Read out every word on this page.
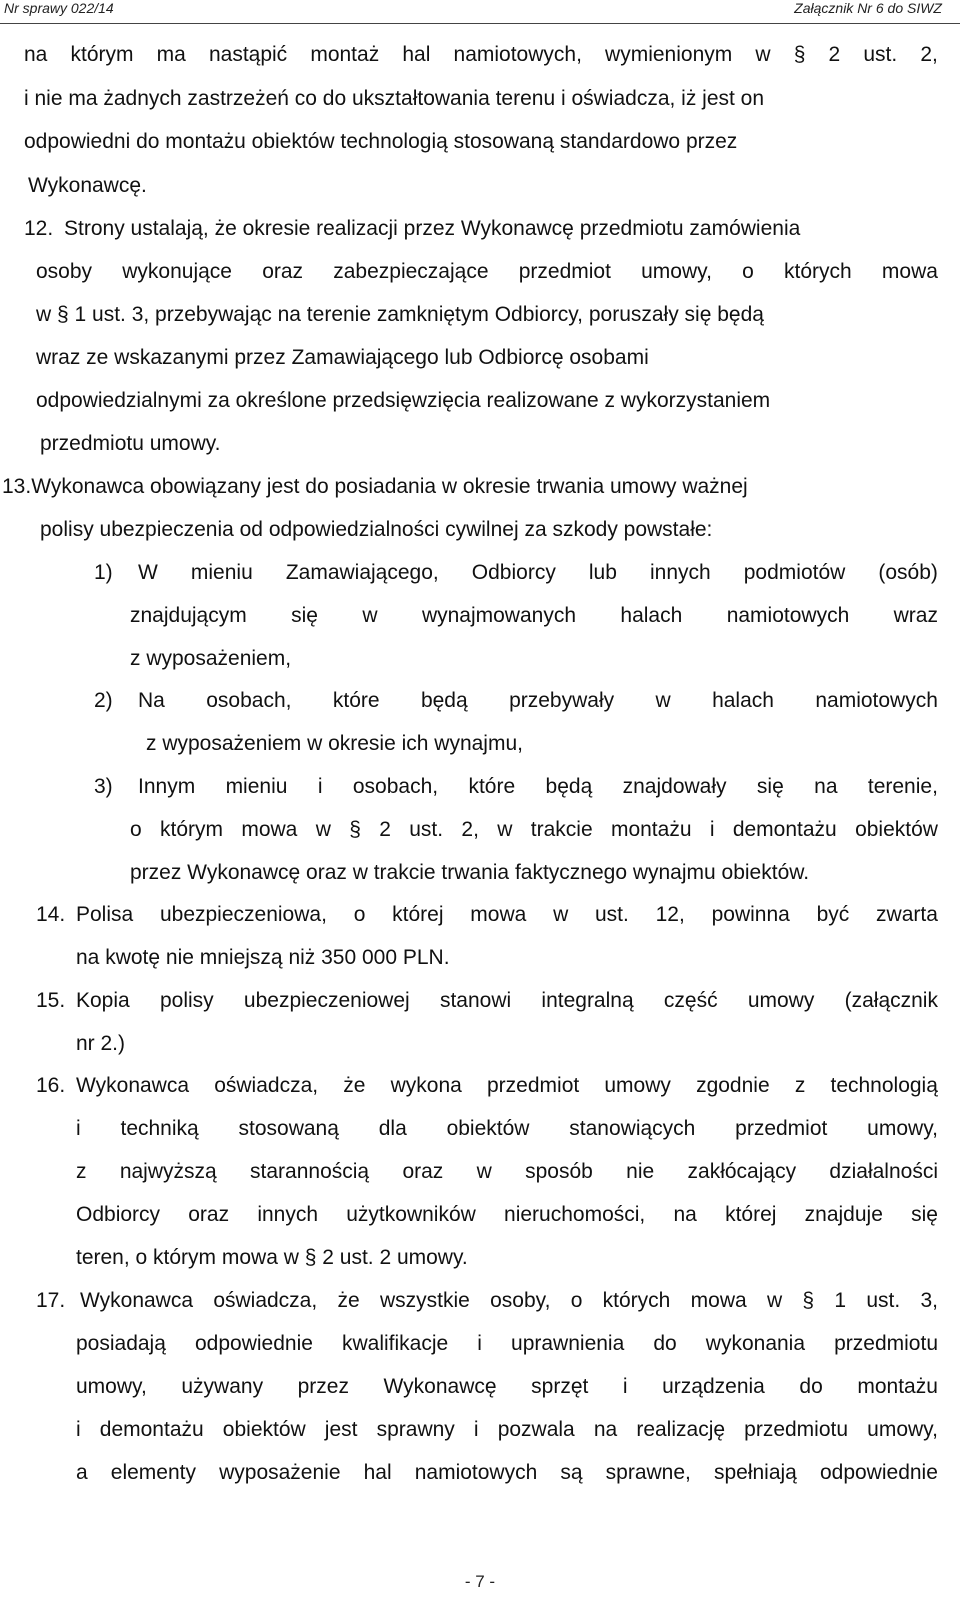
Nr sprawy 022/14	Załącznik Nr 6 do SIWZ
na którym ma nastąpić montaż hal namiotowych, wymienionym w § 2 ust. 2,
i nie ma żadnych zastrzeżeń co do ukształtowania terenu i oświadcza, iż jest on
odpowiedni do montażu obiektów technologią stosowaną standardowo przez
Wykonawcę.
12. Strony ustalają, że okresie realizacji przez Wykonawcę przedmiotu zamówienia
osoby wykonujące oraz zabezpieczające przedmiot umowy, o których mowa
w § 1 ust. 3, przebywając na terenie zamkniętym Odbiorcy, poruszały się będą
wraz ze wskazanymi przez Zamawiającego lub Odbiorcę osobami
odpowiedzialnymi za określone przedsięwzięcia realizowane z wykorzystaniem
przedmiotu umowy.
13.Wykonawca obowiązany jest do posiadania w okresie trwania umowy ważnej
polisy ubezpieczenia od odpowiedzialności cywilnej za szkody powstałe:
1) W mieniu Zamawiającego, Odbiorcy lub innych podmiotów (osób)
znajdującym się w wynajmowanych halach namiotowych wraz
z wyposażeniem,
2) Na osobach, które będą przebywały w halach namiotowych
z wyposażeniem w okresie ich wynajmu,
3) Innym mieniu i osobach, które będą znajdowały się na terenie,
o którym mowa w § 2 ust. 2, w trakcie montażu i demontażu obiektów
przez Wykonawcę oraz w trakcie trwania faktycznego wynajmu obiektów.
14. Polisa ubezpieczeniowa, o której mowa w ust. 12, powinna być zwarta
na kwotę nie mniejszą niż 350 000 PLN.
15. Kopia polisy ubezpieczeniowej stanowi integralną część umowy (załącznik
nr 2.)
16. Wykonawca oświadcza, że wykona przedmiot umowy zgodnie z technologią
i techniką stosowaną dla obiektów stanowiących przedmiot umowy,
z najwyższą starannością oraz w sposób nie zakłócający działalności
Odbiorcy oraz innych użytkowników nieruchomości, na której znajduje się
teren, o którym mowa w § 2 ust. 2 umowy.
17. Wykonawca oświadcza, że wszystkie osoby, o których mowa w § 1 ust. 3,
posiadają odpowiednie kwalifikacje i uprawnienia do wykonania przedmiotu
umowy, używany przez Wykonawcę sprzęt i urządzenia do montażu
i demontażu obiektów jest sprawny i pozwala na realizację przedmiotu umowy,
a elementy wyposażenie hal namiotowych są sprawne, spełniają odpowiednie
- 7 -
